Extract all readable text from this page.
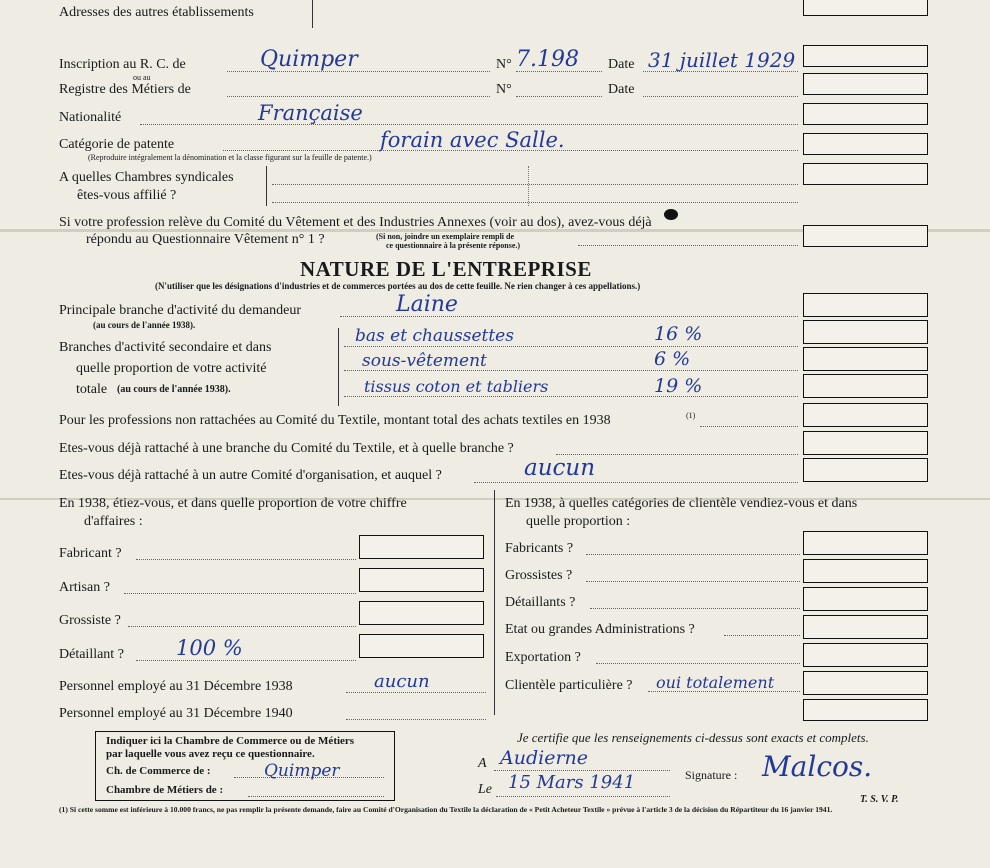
Adresses des autres établissements
Inscription au R. C. de	Quimper	N° 7.198 Date 31 juillet 1929
ou au
Registre des Métiers de	N°	Date
Nationalité	Française
Catégorie de patente	forain avec Salle.
(Reproduire intégralement la dénomination et la classe figurant sur la feuille de patente.)
A quelles Chambres syndicales
êtes-vous affilié ?
Si votre profession relève du Comité du Vêtement et des Industries Annexes (voir au dos), avez-vous déjà
répondu au Questionnaire Vêtement n° 1 ?	(Si non, joindre un exemplaire rempli de
ce questionnaire à la présente réponse.)
NATURE DE L'ENTREPRISE
(N'utiliser que les désignations d'industries et de commerces portées au dos de cette feuille. Ne rien changer à ces appellations.)
Principale branche d'activité du demandeur
(au cours de l'année 1938).
Laine
Branches d'activité secondaire et dans
quelle proportion de votre activité
totale (au cours de l'année 1938).
bas et chaussettes	16 %
sous-vêtement	6 %
tissus coton et tabliers	19 %
Pour les professions non rattachées au Comité du Textile, montant total des achats textiles en 1938	(1)
Etes-vous déjà rattaché à une branche du Comité du Textile, et à quelle branche ?
Etes-vous déjà rattaché à un autre Comité d'organisation, et auquel ?	aucun
En 1938, étiez-vous, et dans quelle proportion de votre chiffre
d'affaires :
Fabricant ?
Artisan ?
Grossiste ?
Détaillant ? 100 %
Personnel employé au 31 Décembre 1938	aucun
Personnel employé au 31 Décembre 1940
En 1938, à quelles catégories de clientèle vendiez-vous et dans
quelle proportion :
Fabricants ?
Grossistes ?
Détaillants ?
Etat ou grandes Administrations ?
Exportation ?
Clientèle particulière ? oui totalement
Indiquer ici la Chambre de Commerce ou de Métiers
par laquelle vous avez reçu ce questionnaire.
Ch. de Commerce de :	Quimper
Chambre de Métiers de :
Je certifie que les renseignements ci-dessus sont exacts et complets.
A Audierne
Le 15 Mars 1941	Signature : Malcos.
T. S. V. P.
(1) Si cette somme est inférieure à 10.000 francs, ne pas remplir la présente demande, faire au Comité d'Organisation du Textile la déclaration de « Petit Acheteur Textile » prévue à l'article 3 de la décision du Répartiteur du 16 janvier 1941.
